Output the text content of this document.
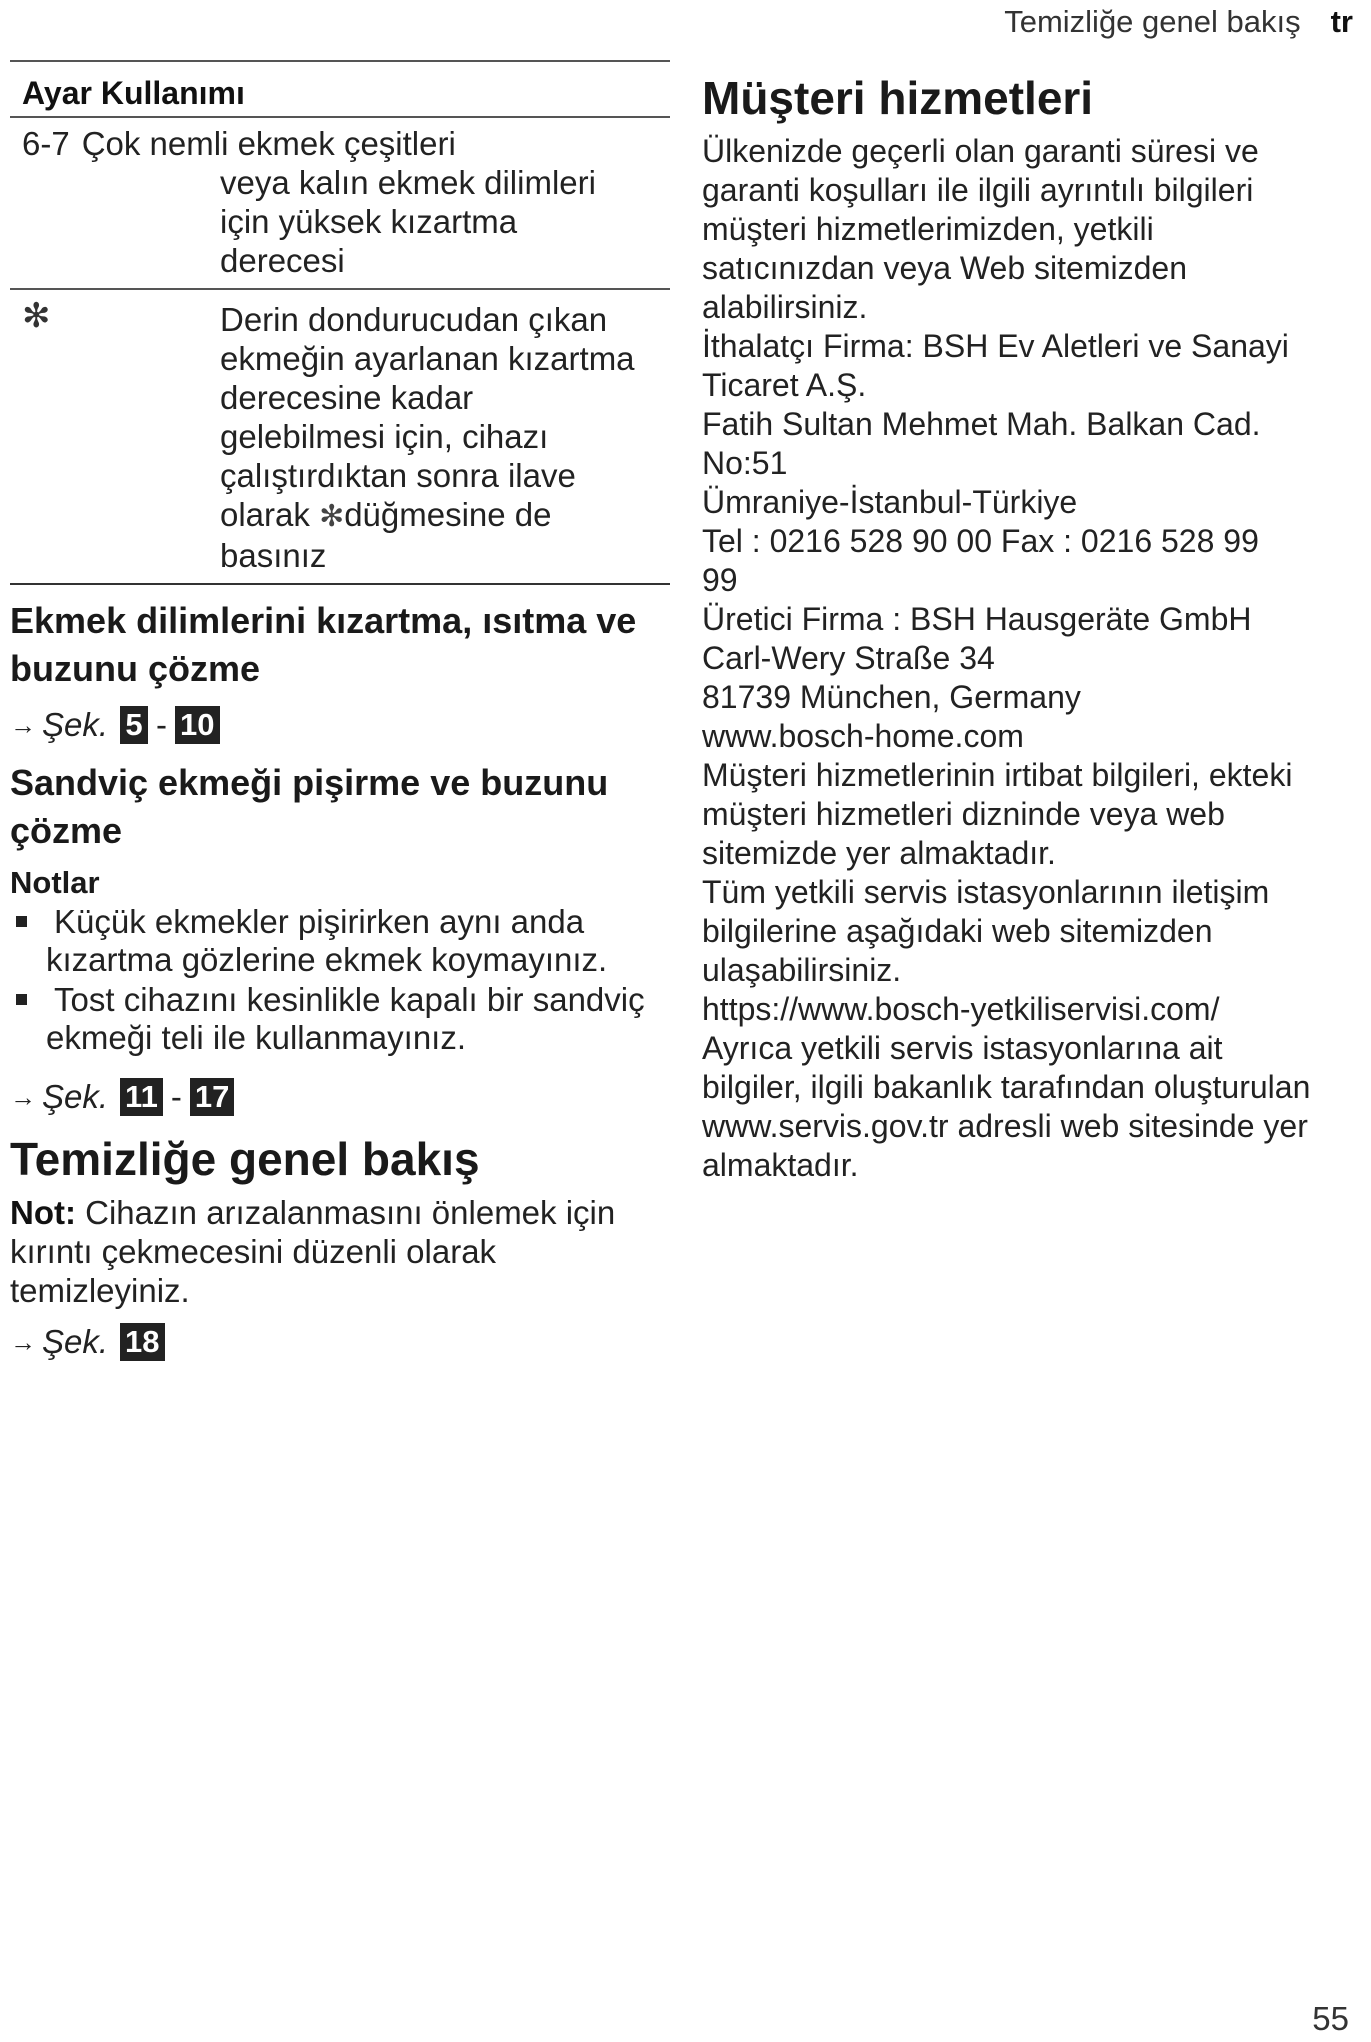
Temizliğe genel bakış tr
Ayar Kullanımı

6-7 Çok nemli ekmek çeşitleri
veya kalın ekmek dilimleri
için yüksek kızartma
derecesi

✻	Derin dondurucudan çıkan
ekmeğin ayarlanan kızartma
derecesine kadar
gelebilmesi için, cihazı
çalıştırdıktan sonra ilave
olarak ✻düğmesine de
basınız
Ekmek dilimlerini kızartma, ısıtma ve
buzunu çözme
→ Şek. 5 - 10
Sandviç ekmeği pişirme ve buzunu
çözme
Notlar
Küçük ekmekler pişirirken aynı anda
kızartma gözlerine ekmek koymayınız.
Tost cihazını kesinlikle kapalı bir sandviç
ekmeği teli ile kullanmayınız.
→ Şek. 11 - 17
Temizliğe genel bakış

Not: Cihazın arızalanmasını önlemek için
kırıntı çekmecesini düzenli olarak
temizleyiniz.

→ Şek. 18
Müşteri hizmetleri
Ülkenizde geçerli olan garanti süresi ve
garanti koşulları ile ilgili ayrıntılı bilgileri
müşteri hizmetlerimizden, yetkili
satıcınızdan veya Web sitemizden
alabilirsiniz.
İthalatçı Firma: BSH Ev Aletleri ve Sanayi
Ticaret A.Ş.
Fatih Sultan Mehmet Mah. Balkan Cad.
No:51
Ümraniye-İstanbul-Türkiye
Tel : 0216 528 90 00 Fax : 0216 528 99
99
Üretici Firma : BSH Hausgeräte GmbH
Carl-Wery Straße 34
81739 München, Germany
www.bosch-home.com
Müşteri hizmetlerinin irtibat bilgileri, ekteki
müşteri hizmetleri dizninde veya web
sitemizde yer almaktadır.
Tüm yetkili servis istasyonlarının iletişim
bilgilerine aşağıdaki web sitemizden
ulaşabilirsiniz.
https://www.bosch-yetkiliservisi.com/
Ayrıca yetkili servis istasyonlarına ait
bilgiler, ilgili bakanlık tarafından oluşturulan
www.servis.gov.tr adresli web sitesinde yer
almaktadır.
55
